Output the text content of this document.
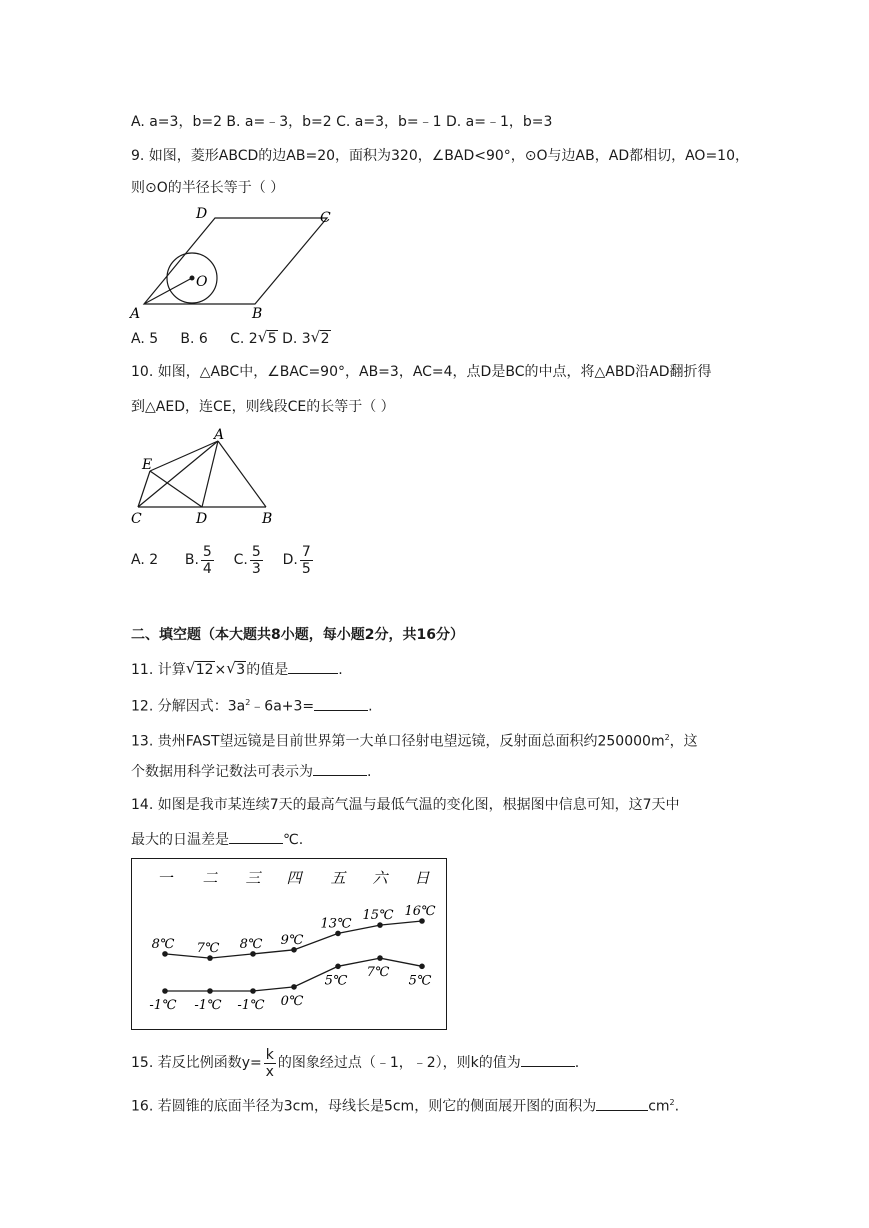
A. a=3，b=2 B. a=﹣3，b=2 C. a=3，b=﹣1 D. a=﹣1，b=3
9. 如图，菱形ABCD的边AB=20，面积为320，∠BAD<90°，⊙O与边AB，AD都相切，AO=10，
则⊙O的半径长等于（ ）
A	B
C
D
O
A. 5 B. 6 C. 2 √ 5 D. 3 √ 2
10. 如图，△ABC中，∠BAC=90°，AB=3，AC=4，点D是BC的中点，将△ABD沿AD翻折得
到△AED，连CE，则线段CE的长等于（ ）
A
E
C	D	B
A. 2 B. $\frac{5}{4} C$. $\frac{5}{3} D$. $\frac{7}{5}$
二、填空题（本大题共8小题，每小题2分，共16分）
11. 计算 √ 12× √ 3的值是	.
12. 分解因式：$3a^2﹣6a+3=$	.
13. 贵州FAST望远镜是目前世界第一大单口径射电望远镜，反射面总面积约$250000m^2$，这
个数据用科学记数法可表示为	.
14. 如图是我市某连续7天的最高气温与最低气温的变化图，根据图中信息可知，这7天中
最大的日温差是	℃.
一 二 三 四 五 六 日
8℃ 7℃ 8℃ 9℃
13℃
15℃ 16℃
-1℃ -1℃ -1℃ 0℃
5℃
7℃
5℃
15. 若反比例函数$y= \frac{k}{x}$ 的图象经过点（﹣1，﹣2），则k的值为	.
16. 若圆锥的底面半径为3cm，母线长是5cm，则它的侧面展开图的面积为	$cm^2$.
